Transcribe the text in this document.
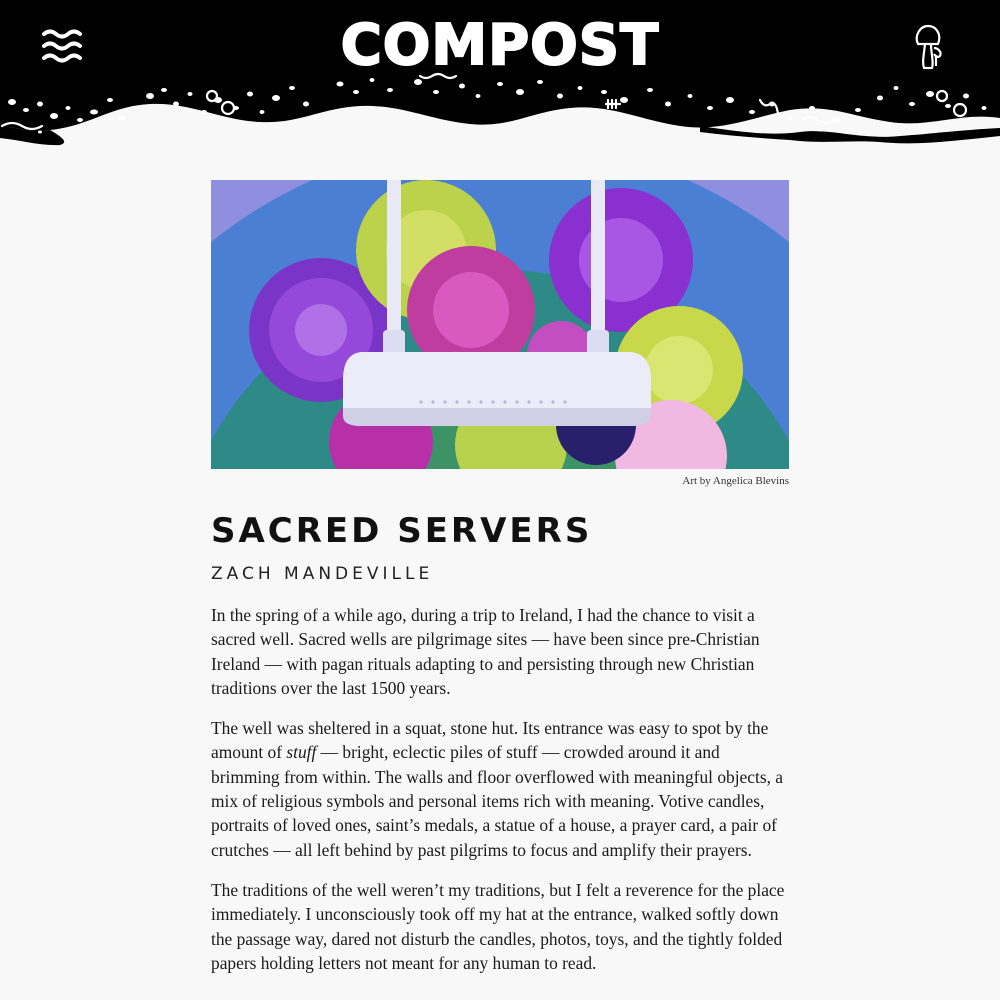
COMPOST
Art by Angelica Blevins
SACRED SERVERS
ZACH MANDEVILLE

In the spring of a while ago, during a trip to Ireland, I had the chance to visit a sacred well. Sacred wells are pilgrimage sites — have been since pre-Christian Ireland — with pagan rituals adapting to and persisting through new Christian traditions over the last 1500 years.

The well was sheltered in a squat, stone hut. Its entrance was easy to spot by the amount of stuff — bright, eclectic piles of stuff — crowded around it and brimming from within. The walls and floor overflowed with meaningful objects, a mix of religious symbols and personal items rich with meaning. Votive candles, portraits of loved ones, saint’s medals, a statue of a house, a prayer card, a pair of crutches — all left behind by past pilgrims to focus and amplify their prayers.

The traditions of the well weren’t my traditions, but I felt a reverence for the place immediately. I unconsciously took off my hat at the entrance, walked softly down the passage way, dared not disturb the candles, photos, toys, and the tightly folded papers holding letters not meant for any human to read.
